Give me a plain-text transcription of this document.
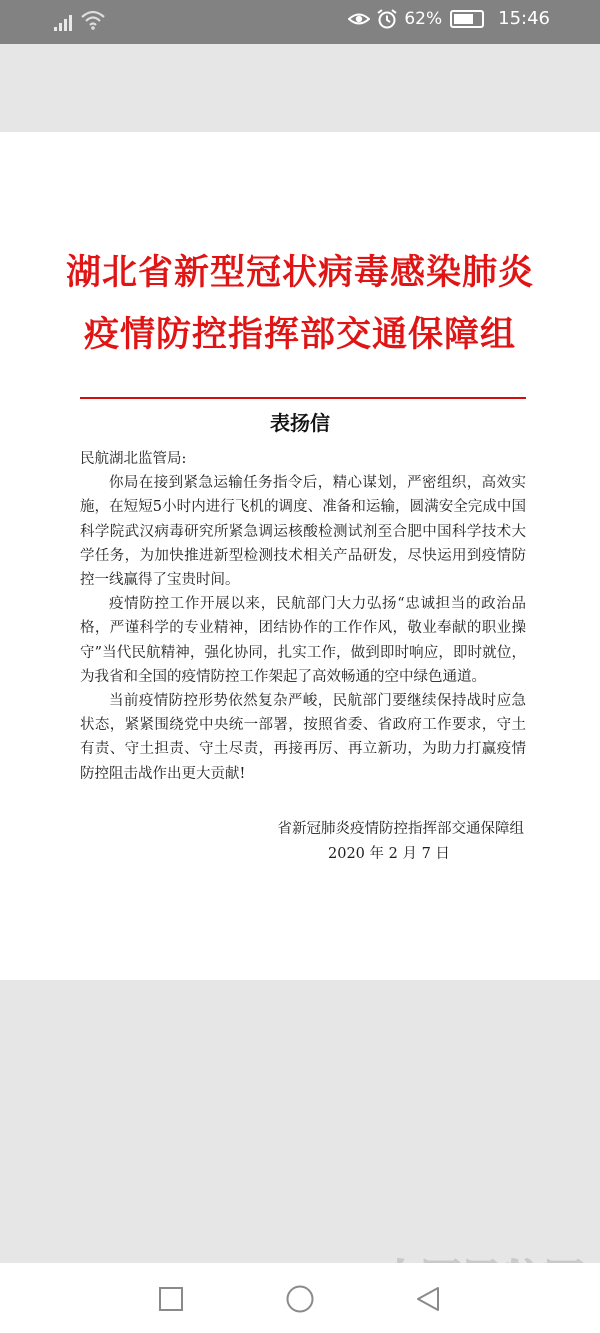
62%	15:46
湖北省新型冠状病毒感染肺炎
疫情防控指挥部交通保障组
表扬信

民航湖北监管局:

你局在接到紧急运输任务指令后，精心谋划，严密组织，高效实施，在短短5小时内进行飞机的调度、准备和运输，圆满安全完成中国科学院武汉病毒研究所紧急调运核酸检测试剂至合肥中国科学技术大学任务，为加快推进新型检测技术相关产品研发，尽快运用到疫情防控一线赢得了宝贵时间。

疫情防控工作开展以来，民航部门大力弘扬“忠诚担当的政治品格，严谨科学的专业精神，团结协作的工作作风，敬业奉献的职业操守”当代民航精神，强化协同，扎实工作，做到即时响应，即时就位，为我省和全国的疫情防控工作架起了高效畅通的空中绿色通道。

当前疫情防控形势依然复杂严峻，民航部门要继续保持战时应急状态，紧紧围绕党中央统一部署，按照省委、省政府工作要求，守土有责、守土担责、守土尽责，再接再厉、再立新功，为助力打赢疫情防控阻击战作出更大贡献!

省新冠肺炎疫情防控指挥部交通保障组
2020 年 2 月 7 日
